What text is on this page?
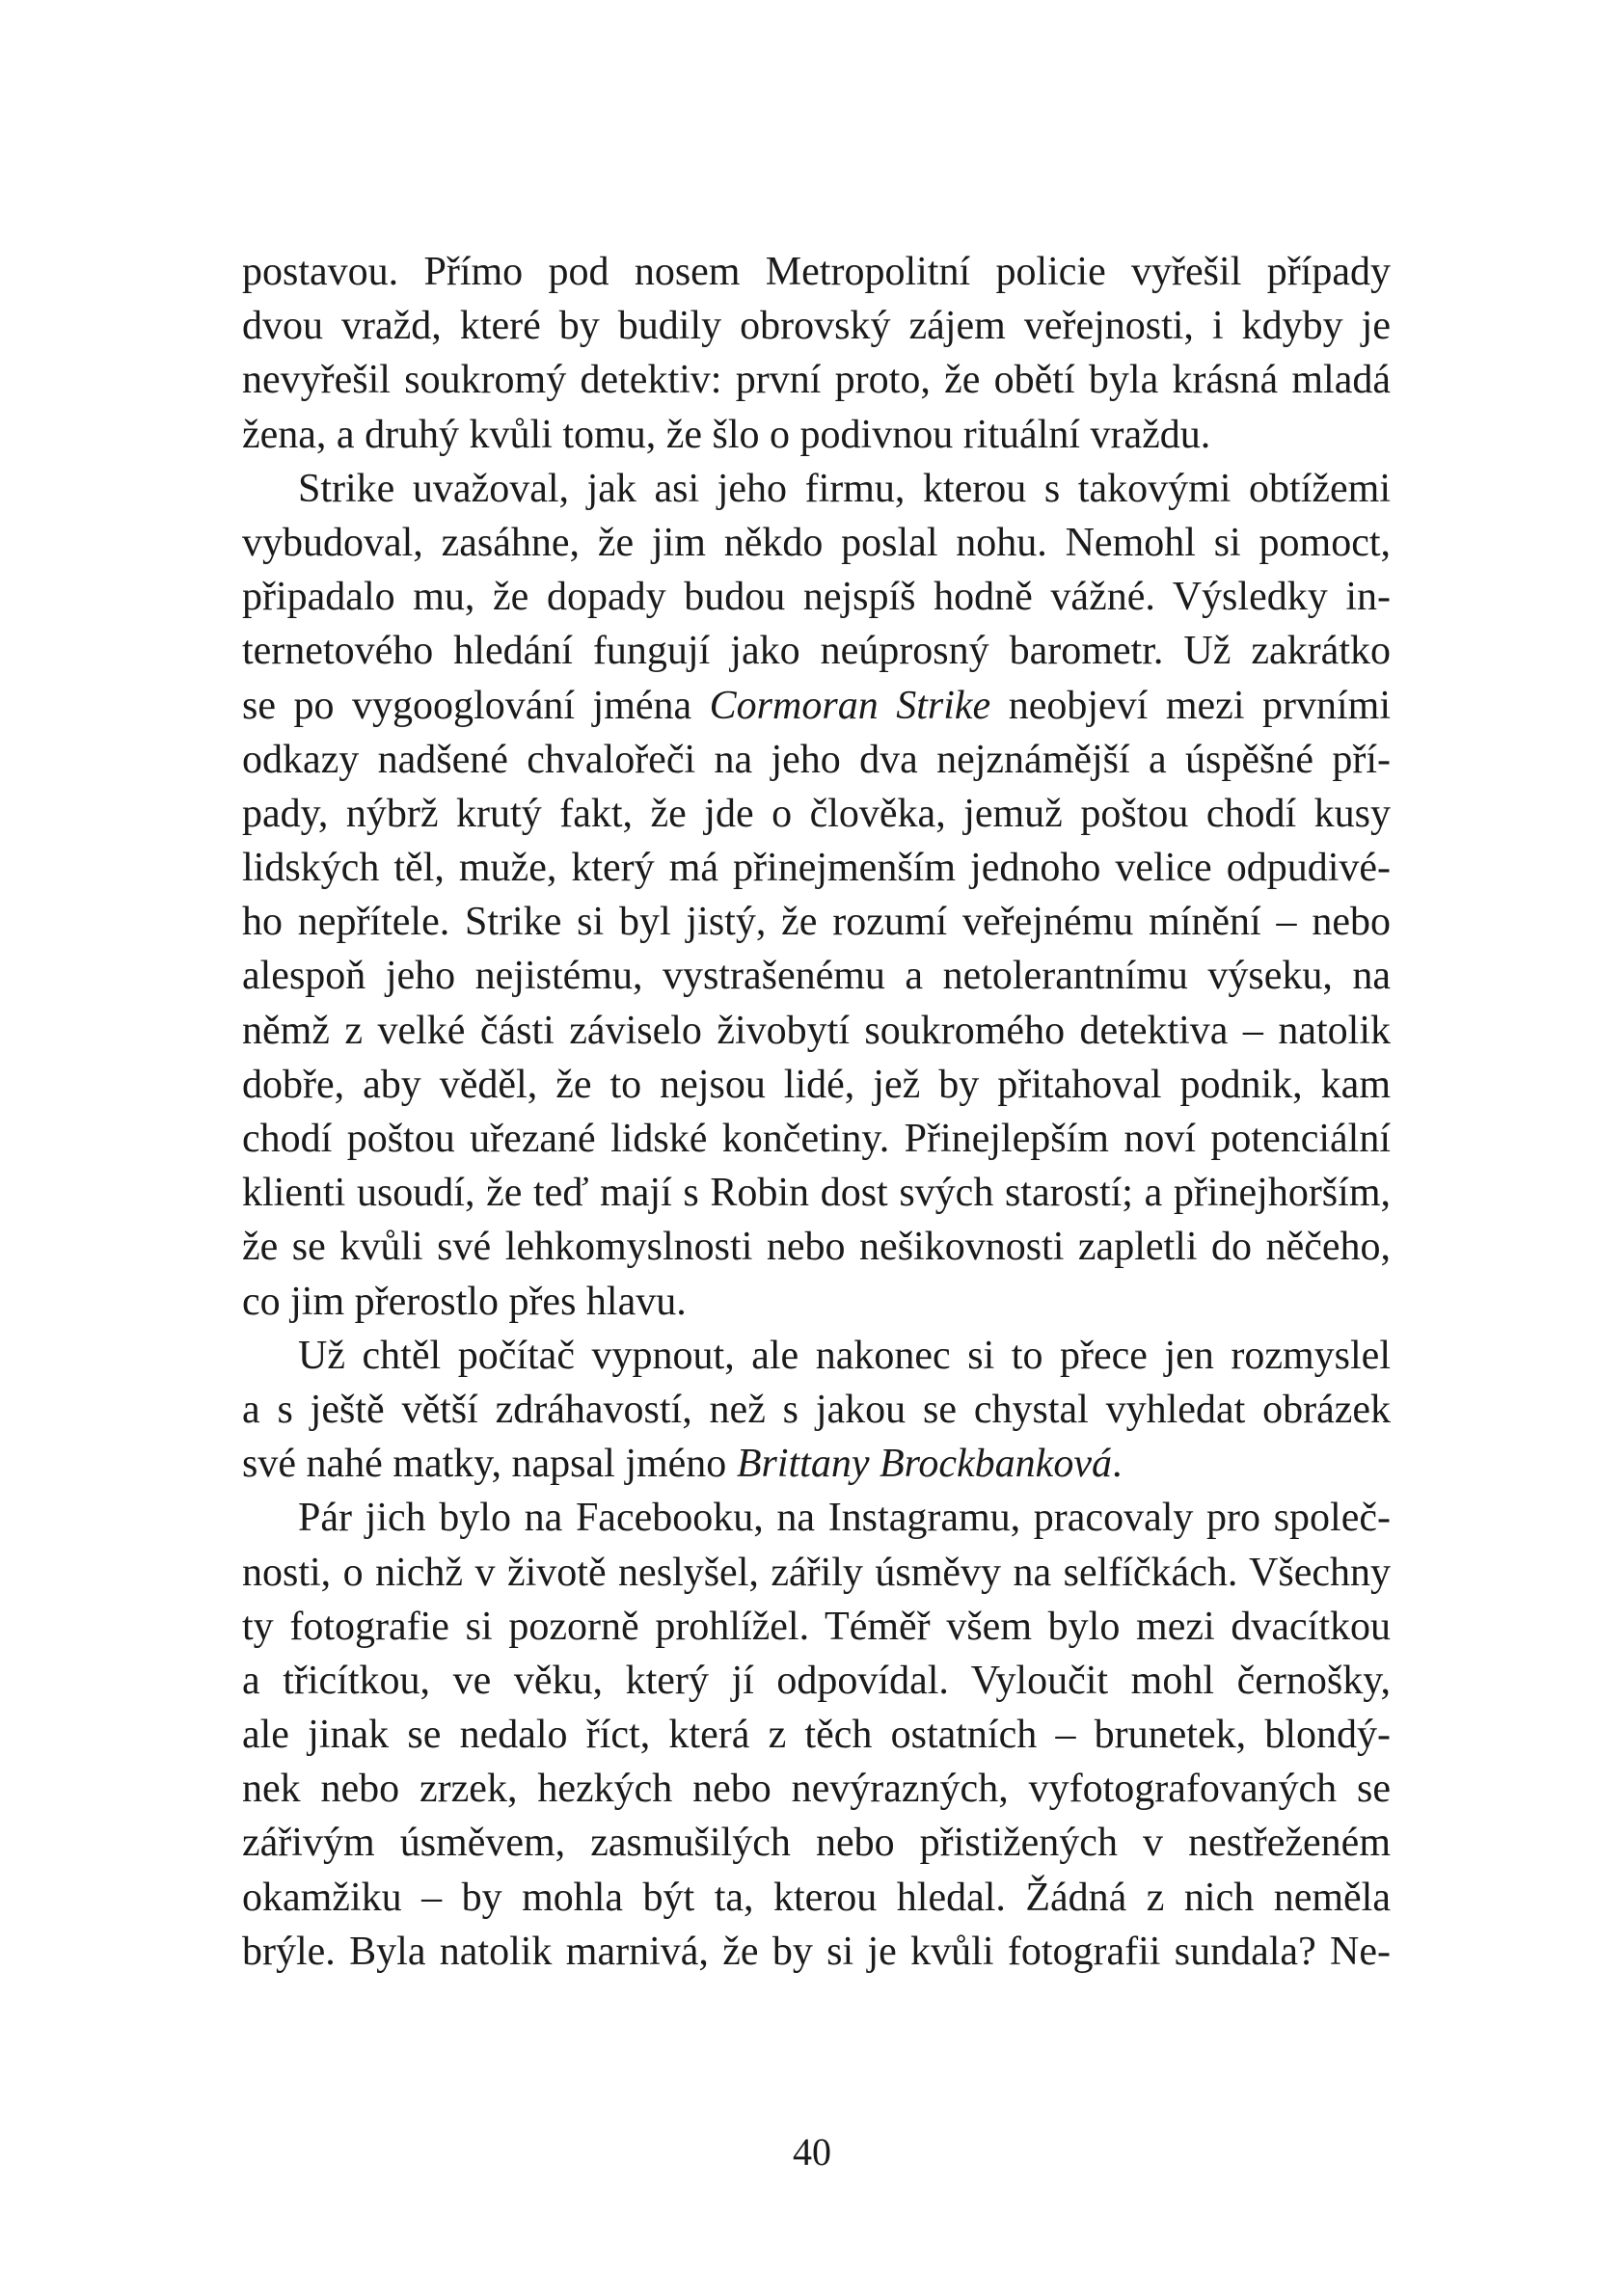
postavou. Přímo pod nosem Metropolitní policie vyřešil případy
dvou vražd, které by budily obrovský zájem veřejnosti, i kdyby je
nevyřešil soukromý detektiv: první proto, že obětí byla krásná mladá
žena, a druhý kvůli tomu, že šlo o podivnou rituální vraždu.
Strike uvažoval, jak asi jeho firmu, kterou s takovými obtížemi
vybudoval, zasáhne, že jim někdo poslal nohu. Nemohl si pomoct,
připadalo mu, že dopady budou nejspíš hodně vážné. Výsledky in-
ternetového hledání fungují jako neúprosný barometr. Už zakrátko
se po vygooglování jména Cormoran Strike neobjeví mezi prvními
odkazy nadšené chvalořeči na jeho dva nejznámější a úspěšné pří-
pady, nýbrž krutý fakt, že jde o člověka, jemuž poštou chodí kusy
lidských těl, muže, který má přinejmenším jednoho velice odpudivé-
ho nepřítele. Strike si byl jistý, že rozumí veřejnému mínění – nebo
alespoň jeho nejistému, vystrašenému a netolerantnímu výseku, na
němž z velké části záviselo živobytí soukromého detektiva – natolik
dobře, aby věděl, že to nejsou lidé, jež by přitahoval podnik, kam
chodí poštou uřezané lidské končetiny. Přinejlepším noví potenciální
klienti usoudí, že teď mají s Robin dost svých starostí; a přinejhorším,
že se kvůli své lehkomyslnosti nebo nešikovnosti zapletli do něčeho,
co jim přerostlo přes hlavu.
Už chtěl počítač vypnout, ale nakonec si to přece jen rozmyslel
a s ještě větší zdráhavostí, než s jakou se chystal vyhledat obrázek
své nahé matky, napsal jméno Brittany Brockbanková.
Pár jich bylo na Facebooku, na Instagramu, pracovaly pro společ-
nosti, o nichž v životě neslyšel, zářily úsměvy na selfíčkách. Všechny
ty fotografie si pozorně prohlížel. Téměř všem bylo mezi dvacítkou
a třicítkou, ve věku, který jí odpovídal. Vyloučit mohl černošky,
ale jinak se nedalo říct, která z těch ostatních – brunetek, blondý-
nek nebo zrzek, hezkých nebo nevýrazných, vyfotografovaných se
zářivým úsměvem, zasmušilých nebo přistižených v nestřeženém
okamžiku – by mohla být ta, kterou hledal. Žádná z nich neměla
brýle. Byla natolik marnivá, že by si je kvůli fotografii sundala? Ne-
40
